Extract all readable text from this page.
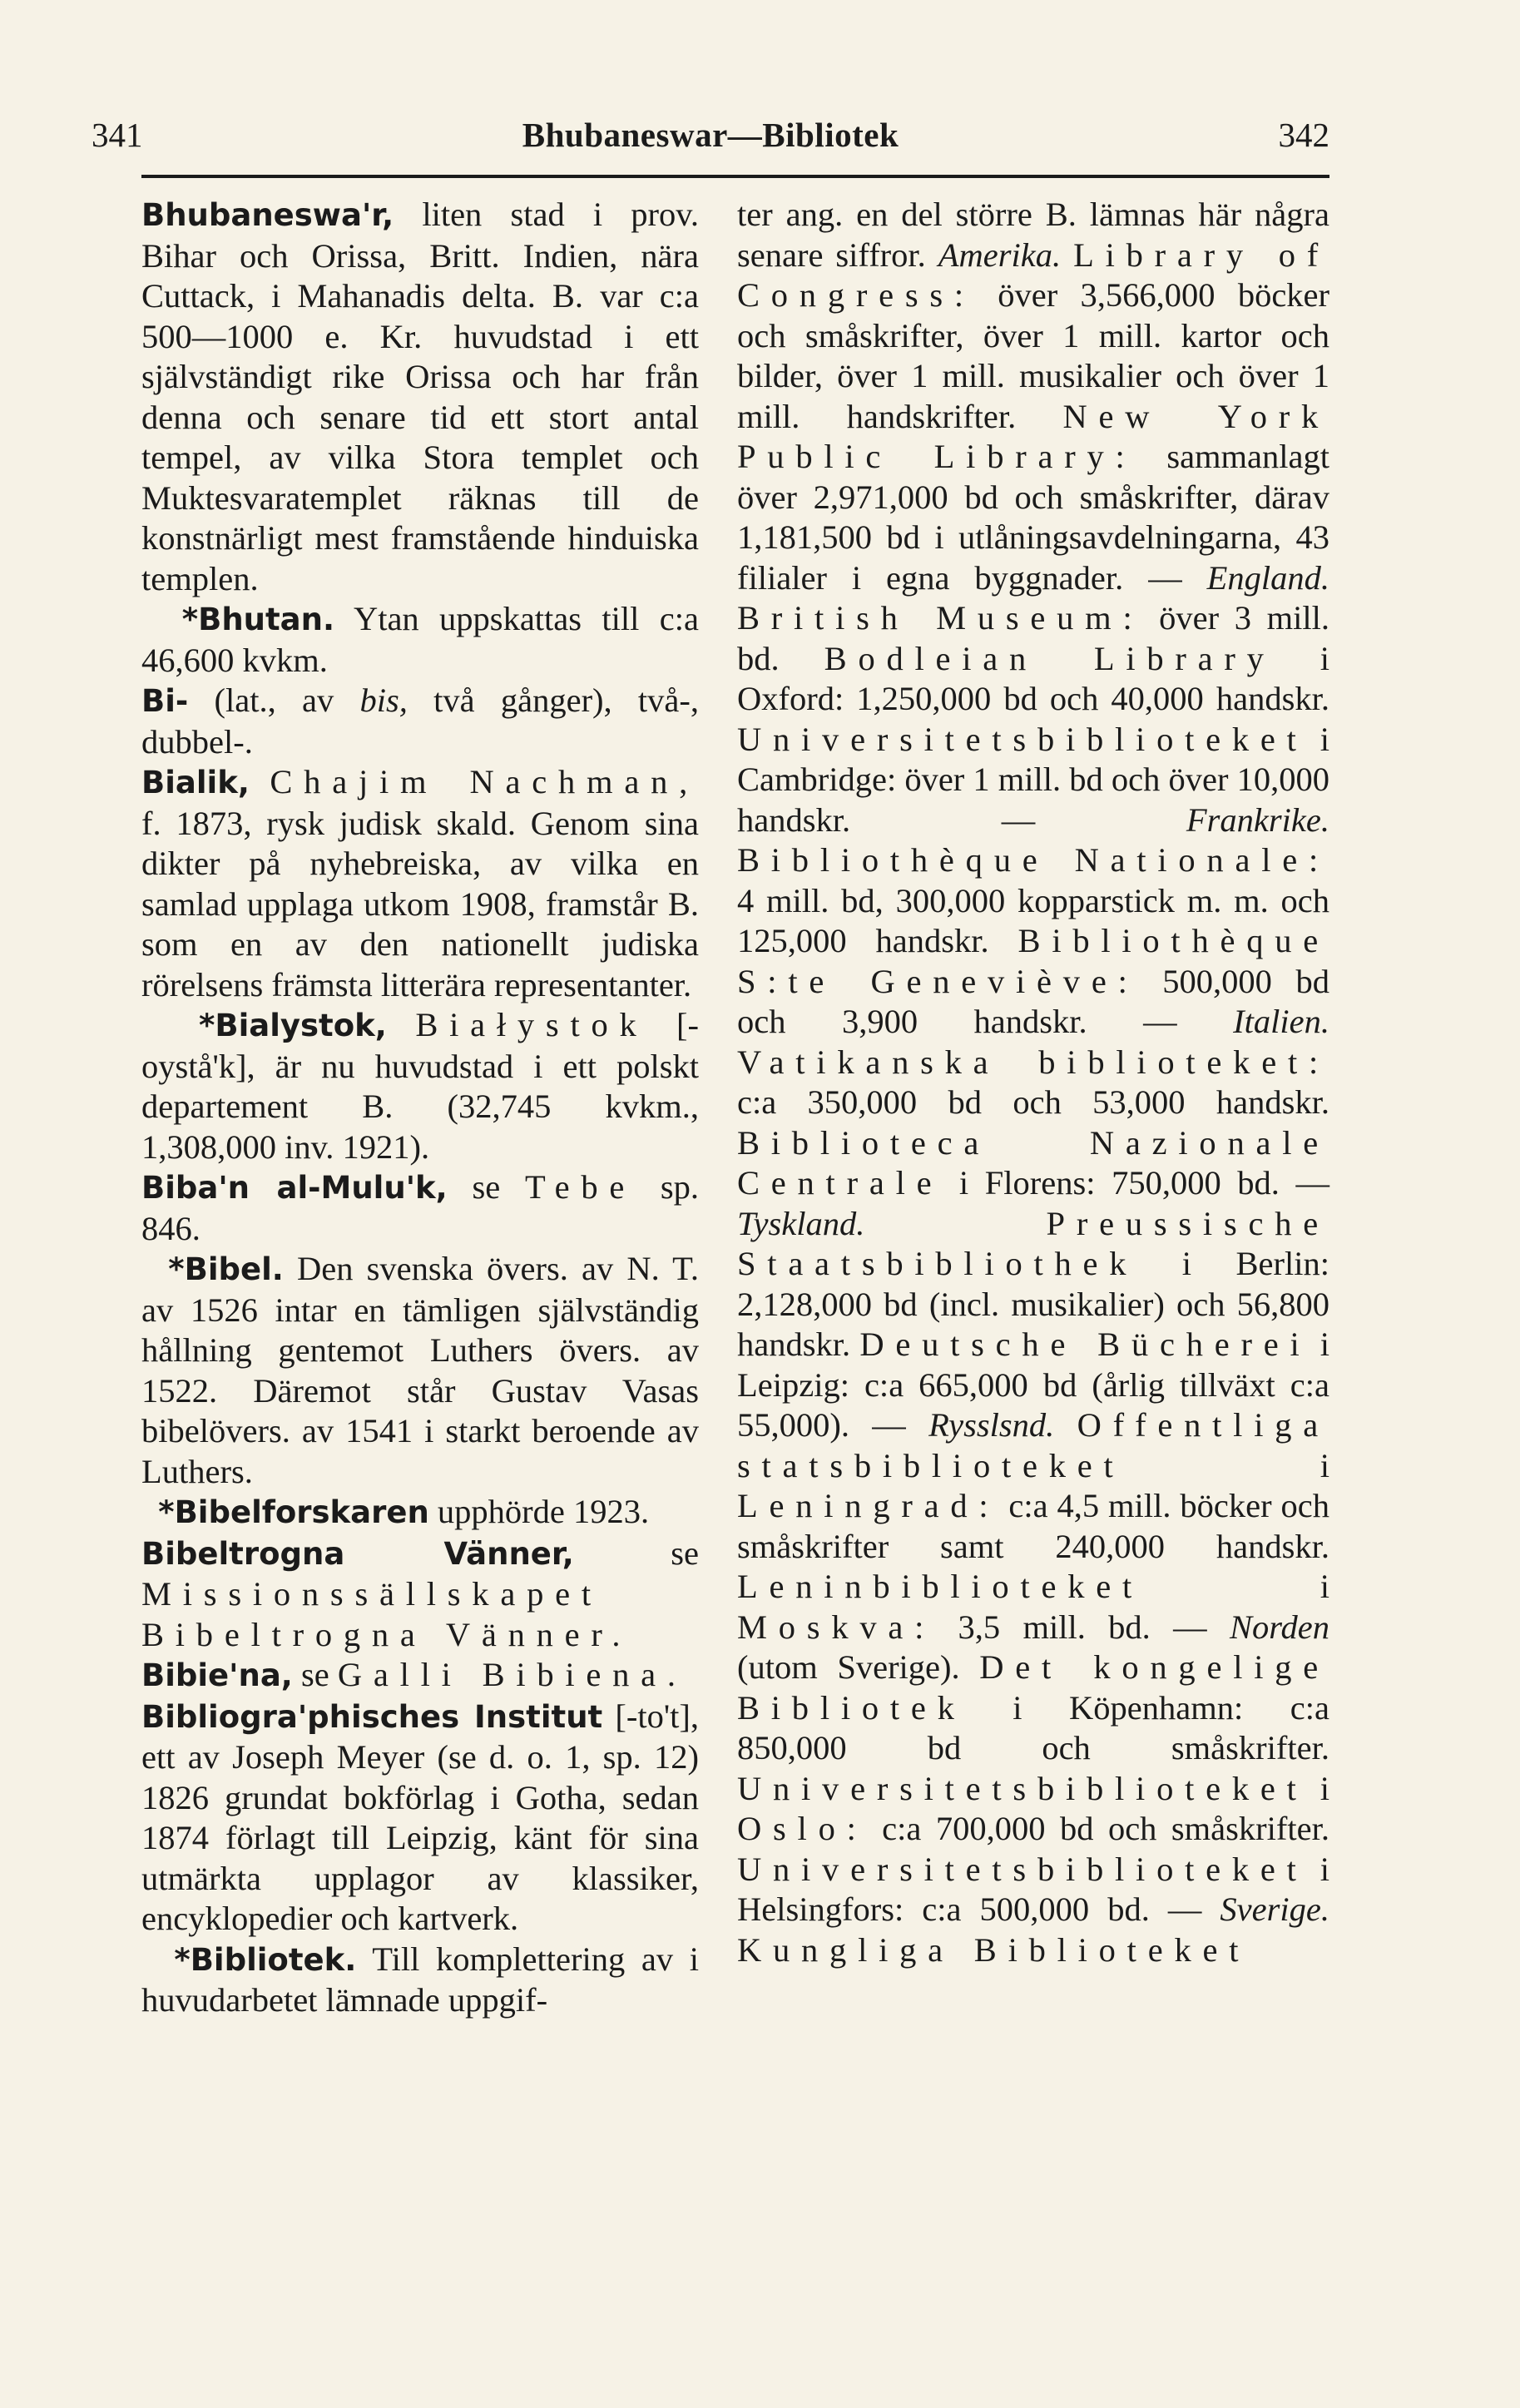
341	Bhubaneswar—Bibliotek	342

Bhubaneswa'r, liten stad i prov. Bihar och Orissa, Britt. Indien, nära Cuttack, i Mahanadis delta. B. var c:a 500—1000 e. Kr. huvudstad i ett självständigt rike Orissa och har från denna och senare tid ett stort antal tempel, av vilka Stora templet och Muktesvaratemplet räknas till de konstnärligt mest framstående hinduiska templen.

*Bhutan. Ytan uppskattas till c:a 46,600 kvkm.

Bi- (lat., av bis, två gånger), två-, dubbel-.

Bialik, Chajim Nachman, f. 1873, rysk judisk skald. Genom sina dikter på nyhebreiska, av vilka en samlad upplaga utkom 1908, framstår B. som en av den nationellt judiska rörelsens främsta litterära representanter.

*Bialystok, Białystok [-oystå'k], är nu huvudstad i ett polskt departement B. (32,745 kvkm., 1,308,000 inv. 1921).

Biba'n al-Mulu'k, se Tebe sp. 846.

*Bibel. Den svenska övers. av N. T. av 1526 intar en tämligen självständig hållning gentemot Luthers övers. av 1522. Däremot står Gustav Vasas bibelövers. av 1541 i starkt beroende av Luthers.

*Bibelforskaren upphörde 1923.

Bibeltrogna Vänner,	se Missionssällskapet Bibeltrogna Vänner.

Bibie'na, se Galli Bibiena.

Bibliogra'phisches Institut [-to't], ett av Joseph Meyer (se d. o. 1, sp. 12) 1826 grundat bokförlag i Gotha, sedan 1874 förlagt till Leipzig, känt för sina utmärkta upplagor av klassiker, encyklopedier och kartverk.

*Bibliotek. Till komplettering av i huvudarbetet lämnade uppgif-

ter ang. en del större B. lämnas här några senare siffror. Amerika. Library of Congress: över 3,566,000 böcker och småskrifter, över 1 mill. kartor och bilder, över 1 mill. musikalier och över 1 mill. handskrifter. New York Public Library: sammanlagt över 2,971,000 bd och småskrifter, därav 1,181,500 bd i utlåningsavdelningarna, 43 filialer i egna byggnader. — England. British Museum: över 3 mill. bd. Bodleian Library i Oxford: 1,250,000 bd och 40,000 handskr. Universitetsbiblioteket i Cambridge: över 1 mill. bd och över 10,000 handskr. —	Frankrike. Bibliothèque Nationale: 4 mill. bd, 300,000 kopparstick m. m. och 125,000 handskr. Bibliothèque S:te Geneviève: 500,000 bd och 3,900 handskr. — Italien. Vatikanska biblioteket: c:a 350,000 bd och 53,000 handskr. Biblioteca Nazionale Centrale i Florens: 750,000 bd. — Tyskland.	Preussische Staatsbibliothek i Berlin: 2,128,000 bd (incl. musikalier) och 56,800 handskr. Deutsche Bücherei i Leipzig: c:a 665,000 bd (årlig tillväxt c:a 55,000). — Rysslsnd. Offentliga statsbiblioteket	i Leningrad: c:a 4,5 mill. böcker och småskrifter samt 240,000 handskr. Leninbiblioteket	i Moskva: 3,5 mill. bd. — Norden (utom Sverige). Det kongelige Bibliotek i Köpenhamn: c:a 850,000 bd och småskrifter. Universitetsbiblioteket i Oslo: c:a 700,000 bd och småskrifter. Universitetsbiblioteket i Helsingfors: c:a 500,000 bd. — Sverige. Kungliga Biblioteket
